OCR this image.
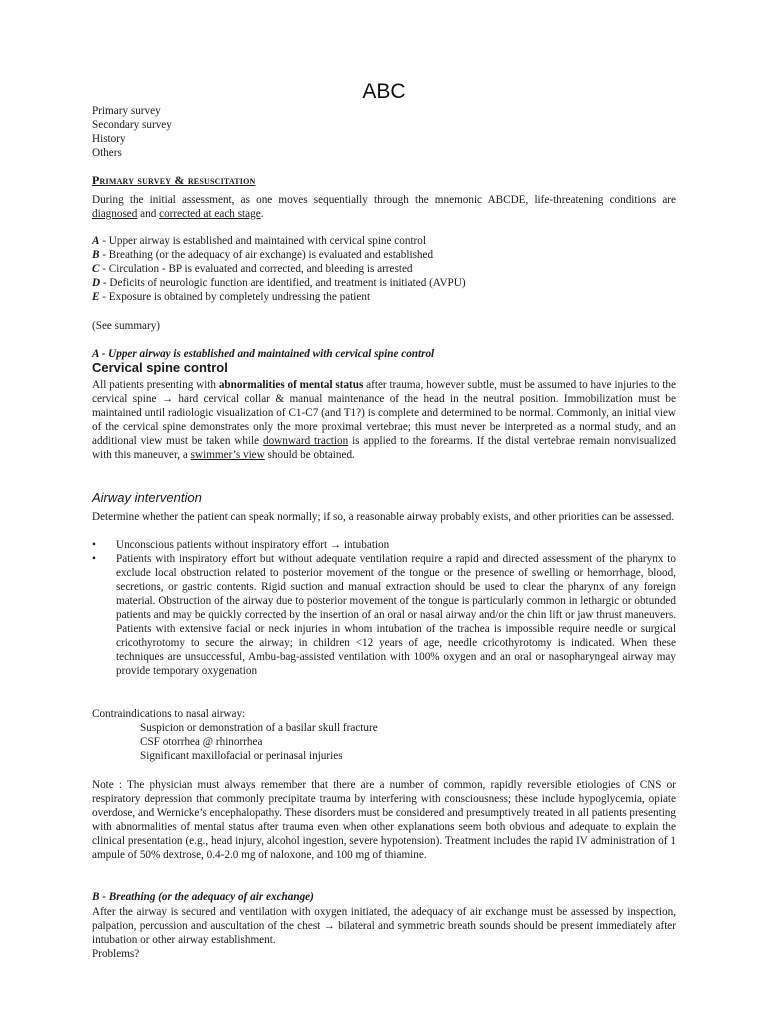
ABC
Primary survey
Secondary survey
History
Others
Primary survey & resuscitation
During the initial assessment, as one moves sequentially through the mnemonic ABCDE, life-threatening conditions are diagnosed and corrected at each stage.
A - Upper airway is established and maintained with cervical spine control
B - Breathing (or the adequacy of air exchange) is evaluated and established
C - Circulation - BP is evaluated and corrected, and bleeding is arrested
D - Deficits of neurologic function are identified, and treatment is initiated (AVPU)
E - Exposure is obtained by completely undressing the patient
(See summary)
A - Upper airway is established and maintained with cervical spine control
Cervical spine control
All patients presenting with abnormalities of mental status after trauma, however subtle, must be assumed to have injuries to the cervical spine → hard cervical collar & manual maintenance of the head in the neutral position. Immobilization must be maintained until radiologic visualization of C1-C7 (and T1?) is complete and determined to be normal. Commonly, an initial view of the cervical spine demonstrates only the more proximal vertebrae; this must never be interpreted as a normal study, and an additional view must be taken while downward traction is applied to the forearms. If the distal vertebrae remain nonvisualized with this maneuver, a swimmer’s view should be obtained.
Airway intervention
Determine whether the patient can speak normally; if so, a reasonable airway probably exists, and other priorities can be assessed.
• Unconscious patients without inspiratory effort → intubation
• Patients with inspiratory effort but without adequate ventilation require a rapid and directed assessment of the pharynx to exclude local obstruction related to posterior movement of the tongue or the presence of swelling or hemorrhage, blood, secretions, or gastric contents. Rigid suction and manual extraction should be used to clear the pharynx of any foreign material. Obstruction of the airway due to posterior movement of the tongue is particularly common in lethargic or obtunded patients and may be quickly corrected by the insertion of an oral or nasal airway and/or the chin lift or jaw thrust maneuvers. Patients with extensive facial or neck injuries in whom intubation of the trachea is impossible require needle or surgical cricothyrotomy to secure the airway; in children <12 years of age, needle cricothyrotomy is indicated. When these techniques are unsuccessful, Ambu-bag-assisted ventilation with 100% oxygen and an oral or nasopharyngeal airway may provide temporary oxygenation
Contraindications to nasal airway:
Suspicion or demonstration of a basilar skull fracture
CSF otorrhea @ rhinorrhea
Significant maxillofacial or perinasal injuries
Note : The physician must always remember that there are a number of common, rapidly reversible etiologies of CNS or respiratory depression that commonly precipitate trauma by interfering with consciousness; these include hypoglycemia, opiate overdose, and Wernicke’s encephalopathy. These disorders must be considered and presumptively treated in all patients presenting with abnormalities of mental status after trauma even when other explanations seem both obvious and adequate to explain the clinical presentation (e.g., head injury, alcohol ingestion, severe hypotension). Treatment includes the rapid IV administration of 1 ampule of 50% dextrose, 0.4-2.0 mg of naloxone, and 100 mg of thiamine.
B - Breathing (or the adequacy of air exchange)
After the airway is secured and ventilation with oxygen initiated, the adequacy of air exchange must be assessed by inspection, palpation, percussion and auscultation of the chest → bilateral and symmetric breath sounds should be present immediately after intubation or other airway establishment.
Problems?
